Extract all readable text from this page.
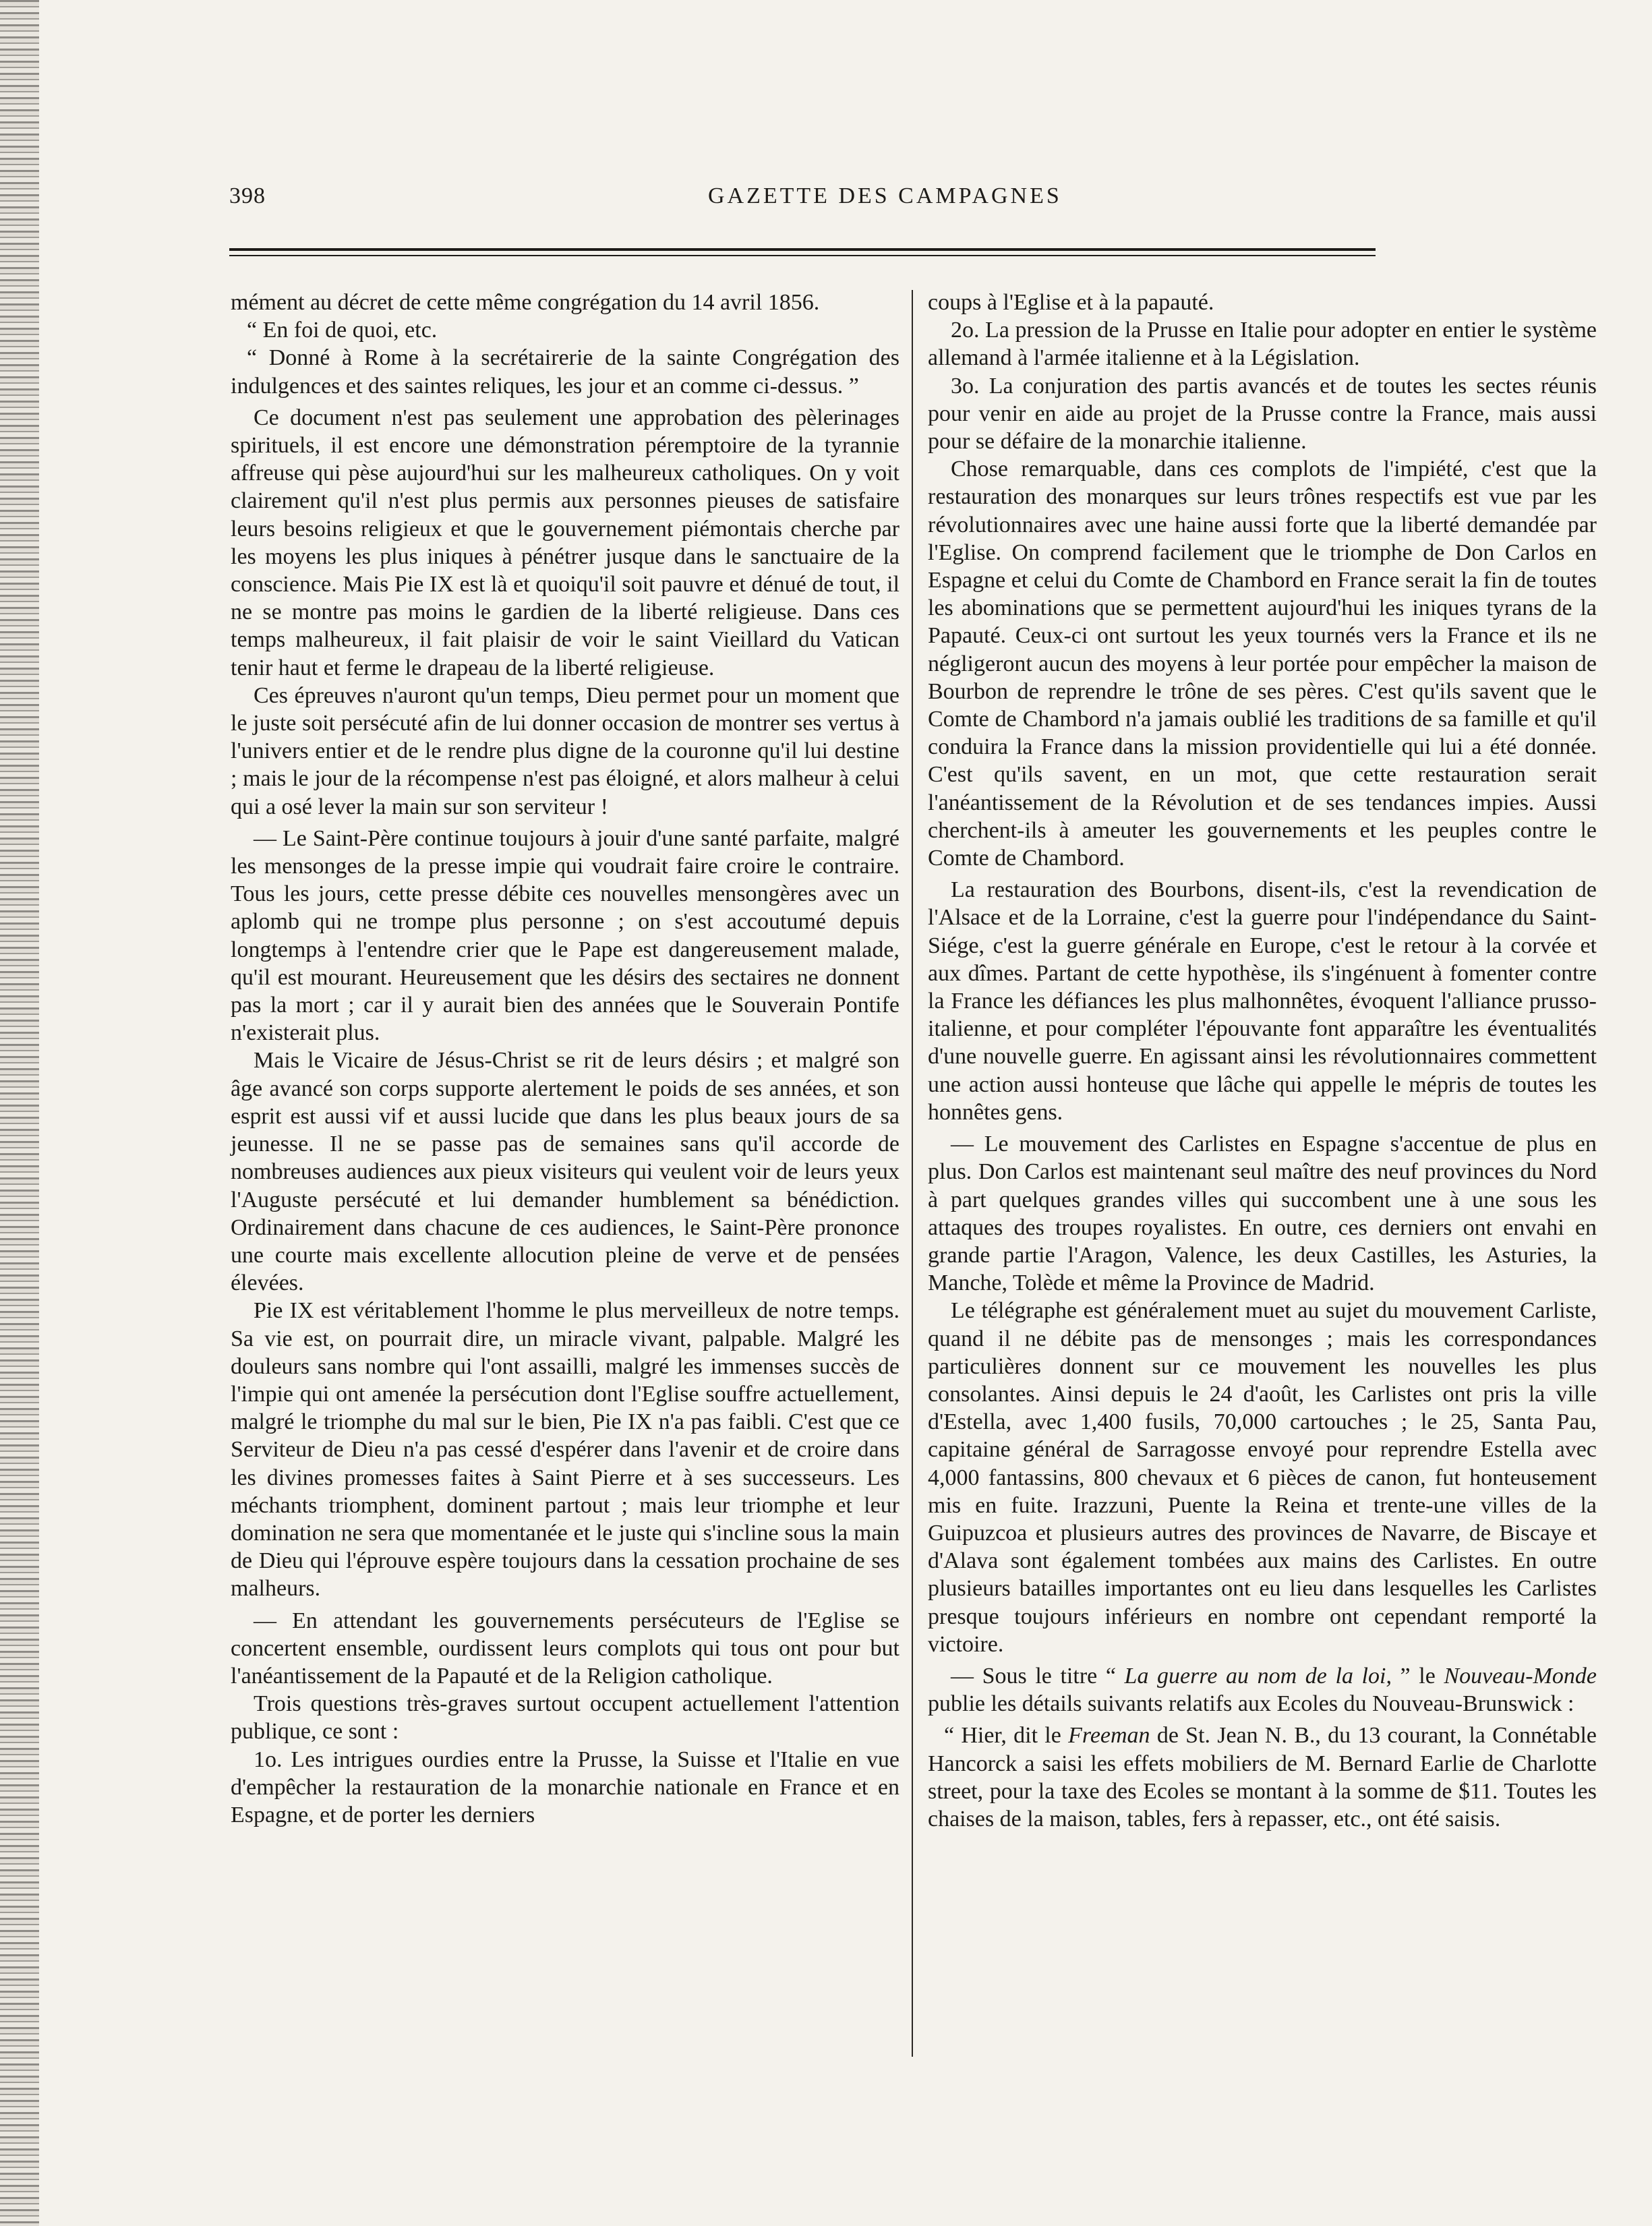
398	GAZETTE DES CAMPAGNES

mément au décret de cette même congrégation du 14 avril 1856.

“ En foi de quoi, etc.

“ Donné à Rome à la secrétairerie de la sainte Congrégation des indulgences et des saintes reliques, les jour et an comme ci-dessus. ”

Ce document n'est pas seulement une approbation des pèlerinages spirituels, il est encore une démonstration péremptoire de la tyrannie affreuse qui pèse aujourd'hui sur les malheureux catholiques. On y voit clairement qu'il n'est plus permis aux personnes pieuses de satisfaire leurs besoins religieux et que le gouvernement piémontais cherche par les moyens les plus iniques à pénétrer jusque dans le sanctuaire de la conscience. Mais Pie IX est là et quoiqu'il soit pauvre et dénué de tout, il ne se montre pas moins le gardien de la liberté religieuse. Dans ces temps malheureux, il fait plaisir de voir le saint Vieillard du Vatican tenir haut et ferme le drapeau de la liberté religieuse.

Ces épreuves n'auront qu'un temps, Dieu permet pour un moment que le juste soit persécuté afin de lui donner occasion de montrer ses vertus à l'univers entier et de le rendre plus digne de la couronne qu'il lui destine ; mais le jour de la récompense n'est pas éloigné, et alors malheur à celui qui a osé lever la main sur son serviteur !

— Le Saint-Père continue toujours à jouir d'une santé parfaite, malgré les mensonges de la presse impie qui voudrait faire croire le contraire. Tous les jours, cette presse débite ces nouvelles mensongères avec un aplomb qui ne trompe plus personne ; on s'est accoutumé depuis longtemps à l'entendre crier que le Pape est dangereusement malade, qu'il est mourant. Heureusement que les désirs des sectaires ne donnent pas la mort ; car il y aurait bien des années que le Souverain Pontife n'existerait plus.

Mais le Vicaire de Jésus-Christ se rit de leurs désirs ; et malgré son âge avancé son corps supporte alertement le poids de ses années, et son esprit est aussi vif et aussi lucide que dans les plus beaux jours de sa jeunesse. Il ne se passe pas de semaines sans qu'il accorde de nombreuses audiences aux pieux visiteurs qui veulent voir de leurs yeux l'Auguste persécuté et lui demander humblement sa bénédiction. Ordinairement dans chacune de ces audiences, le Saint-Père prononce une courte mais excellente allocution pleine de verve et de pensées élevées.

Pie IX est véritablement l'homme le plus merveilleux de notre temps. Sa vie est, on pourrait dire, un miracle vivant, palpable. Malgré les douleurs sans nombre qui l'ont assailli, malgré les immenses succès de l'impie qui ont amenée la persécution dont l'Eglise souffre actuellement, malgré le triomphe du mal sur le bien, Pie IX n'a pas faibli. C'est que ce Serviteur de Dieu n'a pas cessé d'espérer dans l'avenir et de croire dans les divines promesses faites à Saint Pierre et à ses successeurs. Les méchants triomphent, dominent partout ; mais leur triomphe et leur domination ne sera que momentanée et le juste qui s'incline sous la main de Dieu qui l'éprouve espère toujours dans la cessation prochaine de ses malheurs.

— En attendant les gouvernements persécuteurs de l'Eglise se concertent ensemble, ourdissent leurs complots qui tous ont pour but l'anéantissement de la Papauté et de la Religion catholique.

Trois questions très-graves surtout occupent actuellement l'attention publique, ce sont :

1o. Les intrigues ourdies entre la Prusse, la Suisse et l'Italie en vue d'empêcher la restauration de la monarchie nationale en France et en Espagne, et de porter les derniers

coups à l'Eglise et à la papauté.

2o. La pression de la Prusse en Italie pour adopter en entier le système allemand à l'armée italienne et à la Législation.

3o. La conjuration des partis avancés et de toutes les sectes réunis pour venir en aide au projet de la Prusse contre la France, mais aussi pour se défaire de la monarchie italienne.

Chose remarquable, dans ces complots de l'impiété, c'est que la restauration des monarques sur leurs trônes respectifs est vue par les révolutionnaires avec une haine aussi forte que la liberté demandée par l'Eglise. On comprend facilement que le triomphe de Don Carlos en Espagne et celui du Comte de Chambord en France serait la fin de toutes les abominations que se permettent aujourd'hui les iniques tyrans de la Papauté. Ceux-ci ont surtout les yeux tournés vers la France et ils ne négligeront aucun des moyens à leur portée pour empêcher la maison de Bourbon de reprendre le trône de ses pères. C'est qu'ils savent que le Comte de Chambord n'a jamais oublié les traditions de sa famille et qu'il conduira la France dans la mission providentielle qui lui a été donnée. C'est qu'ils savent, en un mot, que cette restauration serait l'anéantissement de la Révolution et de ses tendances impies. Aussi cherchent-ils à ameuter les gouvernements et les peuples contre le Comte de Chambord.

La restauration des Bourbons, disent-ils, c'est la revendication de l'Alsace et de la Lorraine, c'est la guerre pour l'indépendance du Saint-Siége, c'est la guerre générale en Europe, c'est le retour à la corvée et aux dîmes. Partant de cette hypothèse, ils s'ingénuent à fomenter contre la France les défiances les plus malhonnêtes, évoquent l'alliance prusso-italienne, et pour compléter l'épouvante font apparaître les éventualités d'une nouvelle guerre. En agissant ainsi les révolutionnaires commettent une action aussi honteuse que lâche qui appelle le mépris de toutes les honnêtes gens.

— Le mouvement des Carlistes en Espagne s'accentue de plus en plus. Don Carlos est maintenant seul maître des neuf provinces du Nord à part quelques grandes villes qui succombent une à une sous les attaques des troupes royalistes. En outre, ces derniers ont envahi en grande partie l'Aragon, Valence, les deux Castilles, les Asturies, la Manche, Tolède et même la Province de Madrid.

Le télégraphe est généralement muet au sujet du mouvement Carliste, quand il ne débite pas de mensonges ; mais les correspondances particulières donnent sur ce mouvement les nouvelles les plus consolantes. Ainsi depuis le 24 d'août, les Carlistes ont pris la ville d'Estella, avec 1,400 fusils, 70,000 cartouches ; le 25, Santa Pau, capitaine général de Sarragosse envoyé pour reprendre Estella avec 4,000 fantassins, 800 chevaux et 6 pièces de canon, fut honteusement mis en fuite. Irazzuni, Puente la Reina et trente-une villes de la Guipuzcoa et plusieurs autres des provinces de Navarre, de Biscaye et d'Alava sont également tombées aux mains des Carlistes. En outre plusieurs batailles importantes ont eu lieu dans lesquelles les Carlistes presque toujours inférieurs en nombre ont cependant remporté la victoire.

— Sous le titre “ La guerre au nom de la loi, ” le Nouveau-Monde publie les détails suivants relatifs aux Ecoles du Nouveau-Brunswick :

“ Hier, dit le Freeman de St. Jean N. B., du 13 courant, la Connétable Hancorck a saisi les effets mobiliers de M. Bernard Earlie de Charlotte street, pour la taxe des Ecoles se montant à la somme de $11. Toutes les chaises de la maison, tables, fers à repasser, etc., ont été saisis.
